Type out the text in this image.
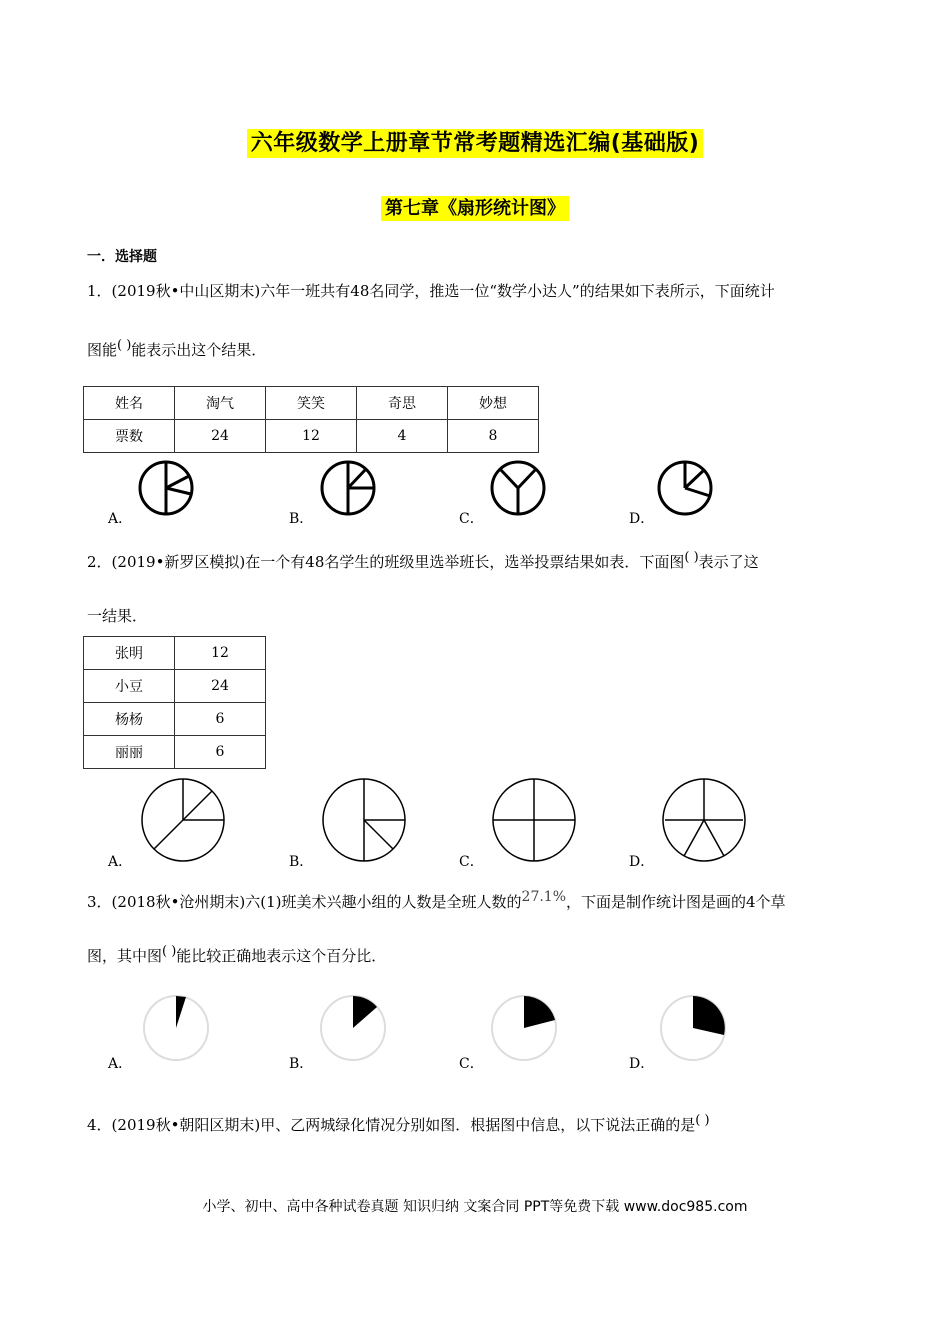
六年级数学上册章节常考题精选汇编(基础版)
第七章《扇形统计图》
一．选择题
1．(2019秋•中山区期末)六年一班共有48名同学，推选一位“数学小达人”的结果如下表所示，下面统计
图能( )能表示出这个结果．
姓名	淘气	笑笑	奇思	妙想
票数	24	12	4	8
A．	B．	C．	D．
2．(2019•新罗区模拟)在一个有48名学生的班级里选举班长，选举投票结果如表．下面图( )表示了这
一结果．
张明	12
小豆	24
杨杨	6
丽丽	6
A．	B．	C．	D．
3．(2018秋•沧州期末)六(1)班美术兴趣小组的人数是全班人数的27.1%，下面是制作统计图是画的4个草
图，其中图( )能比较正确地表示这个百分比．
A．	B．	C．	D．
4．(2019秋•朝阳区期末)甲、乙两城绿化情况分别如图．根据图中信息，以下说法正确的是( )
小学、初中、高中各种试卷真题 知识归纳 文案合同 PPT等免费下载 www.doc985.com
